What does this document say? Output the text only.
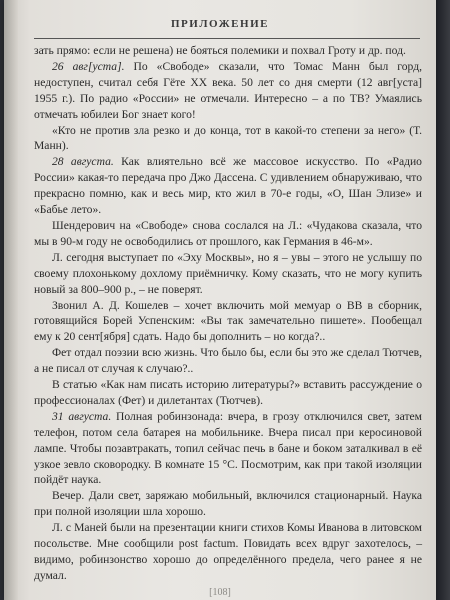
ПРИЛОЖЕНИЕ

зать прямо: если не решена) не бояться полемики и похвал Гроту и др. под.

26 авг[уста]. По «Свободе» сказали, что Томас Манн был горд, недоступен, считал себя Гёте XX века. 50 лет со дня смерти (12 авг[уста] 1955 г.). По радио «России» не отмечали. Интересно – а по ТВ? Умаялись отмечать юбилеи Бог знает кого!

«Кто не против зла резко и до конца, тот в какой-то степени за него» (Т. Манн).

28 августа. Как влиятельно всё же массовое искусство. По «Радио России» какая-то передача про Джо Дассена. С удивлением обнаруживаю, что прекрасно помню, как и весь мир, кто жил в 70-е годы, «О, Шан Элизе» и «Бабье лето».

Шендерович на «Свободе» снова сослался на Л.: «Чудакова сказала, что мы в 90-м году не освободились от прошлого, как Германия в 46-м».

Л. сегодня выступает по «Эху Москвы», но я – увы – этого не услышу по своему плохонькому дохлому приёмничку. Кому сказать, что не могу купить новый за 800–900 р., – не поверят.

Звонил А. Д. Кошелев – хочет включить мой мемуар о ВВ в сборник, готовящийся Борей Успенским: «Вы так замечательно пишете». Пообещал ему к 20 сент[ября] сдать. Надо бы дополнить – но когда?..

Фет отдал поэзии всю жизнь. Что было бы, если бы это же сделал Тютчев, а не писал от случая к случаю?..

В статью «Как нам писать историю литературы?» вставить рассуждение о профессионалах (Фет) и дилетантах (Тютчев).

31 августа. Полная робинзонада: вчера, в грозу отключился свет, затем телефон, потом села батарея на мобильнике. Вчера писал при керосиновой лампе. Чтобы позавтракать, топил сейчас печь в бане и боком заталкивал в её узкое зевло сковородку. В комнате 15 °С. Посмотрим, как при такой изоляции пойдёт наука.

Вечер. Дали свет, заряжаю мобильный, включился стационарный. Наука при полной изоляции шла хорошо.

Л. с Маней были на презентации книги стихов Комы Иванова в литовском посольстве. Мне сообщили post factum. Повидать всех вдруг захотелось, – видимо, робинзонство хорошо до определённого предела, чего ранее я не думал.

[108]
